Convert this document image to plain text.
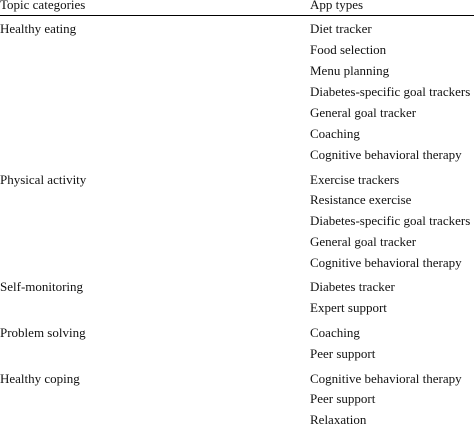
Topic categories	App types
Healthy eating	Diet tracker
Food selection
Menu planning
Diabetes-specific goal trackers
General goal tracker
Coaching
Cognitive behavioral therapy
Physical activity	Exercise trackers
Resistance exercise
Diabetes-specific goal trackers
General goal tracker
Cognitive behavioral therapy
Self-monitoring	Diabetes tracker
Expert support
Problem solving	Coaching
Peer support
Healthy coping	Cognitive behavioral therapy
Peer support
Relaxation
